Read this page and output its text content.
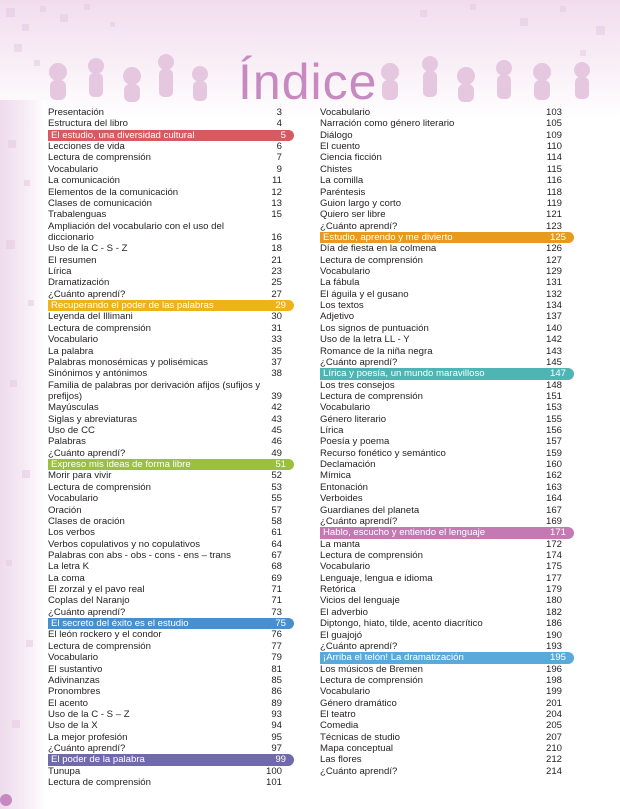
Índice
Presentación	3
Estructura del libro	4
El estudio, una diversidad cultural	5
Lecciones de vida	6
Lectura de comprensión	7
Vocabulario	9
La comunicación	11
Elementos de la comunicación	12
Clases de comunicación	13
Trabalenguas	15
Ampliación del vocabulario con el uso del diccionario	16
Uso de la C - S - Z	18
El resumen	21
Lírica	23
Dramatización	25
¿Cuánto aprendí?	27
Recuperando el poder de las palabras	29
Leyenda del Illimani	30
Lectura de comprensión	31
Vocabulario	33
La palabra	35
Palabras monosémicas y polisémicas	37
Sinónimos y antónimos	38
Familia de palabras por derivación afijos (sufijos y prefijos)	39
Mayúsculas	42
Siglas y abreviaturas	43
Uso de CC	45
Palabras	46
¿Cuánto aprendí?	49
Expreso mis ideas de forma libre	51
Morir para vivir	52
Lectura de comprensión	53
Vocabulario	55
Oración	57
Clases de oración	58
Los verbos	61
Verbos copulativos y no copulativos	64
Palabras con abs - obs - cons - ens – trans	67
La letra K	68
La coma	69
El zorzal y el pavo real	71
Coplas del Naranjo	71
¿Cuánto aprendí?	73
El secreto del éxito es el estudio	75
El león rockero y el condor	76
Lectura de comprensión	77
Vocabulario	79
El sustantivo	81
Adivinanzas	85
Pronombres	86
El acento	89
Uso de la C - S – Z	93
Uso de la X	94
La mejor profesión	95
¿Cuánto aprendí?	97
El poder de la palabra	99
Tunupa	100
Lectura de comprensión	101
Vocabulario	103
Narración como género literario	105
Diálogo	109
El cuento	110
Ciencia ficción	114
Chistes	115
La comilla	116
Paréntesis	118
Guion largo y corto	119
Quiero ser libre	121
¿Cuánto aprendí?	123
Estudio, aprendo y me divierto	125
Día de fiesta en la colmena	126
Lectura de comprensión	127
Vocabulario	129
La fábula	131
El águila y el gusano	132
Los textos	134
Adjetivo	137
Los signos de puntuación	140
Uso de la letra LL - Y	142
Romance de la niña negra	143
¿Cuánto aprendí?	145
Lírica y poesía, un mundo maravilloso	147
Los tres consejos	148
Lectura de comprensión	151
Vocabulario	153
Género literario	155
Lírica	156
Poesía y poema	157
Recurso fonético y semántico	159
Declamación	160
Mímica	162
Entonación	163
Verboides	164
Guardianes del planeta	167
¿Cuánto aprendí?	169
Hablo, escucho y entiendo el lenguaje	171
La manta	172
Lectura de comprensión	174
Vocabulario	175
Lenguaje, lengua e idioma	177
Retórica	179
Vicios del lenguaje	180
El adverbio	182
Diptongo, hiato, tilde, acento diacrítico	186
El guajojó	190
¿Cuánto aprendí?	193
¡Arriba el telón! La dramatización	195
Los músicos de Bremen	196
Lectura de comprensión	198
Vocabulario	199
Género dramático	201
El teatro	204
Comedia	205
Técnicas de studio	207
Mapa conceptual	210
Las flores	212
¿Cuánto aprendí?	214
